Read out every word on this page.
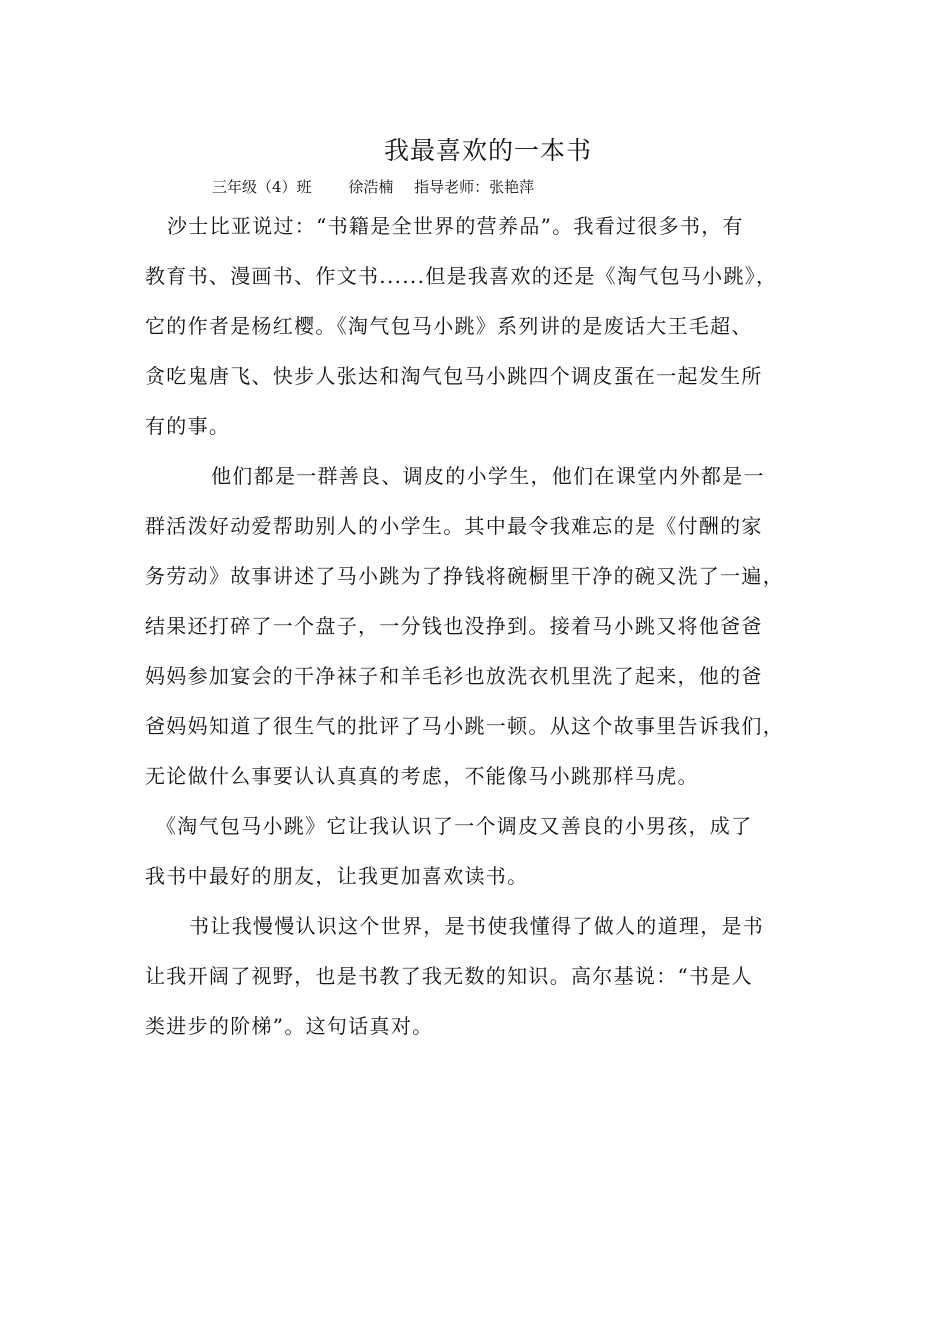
我最喜欢的一本书
三年级（4）班 徐浩楠 指导老师：张艳萍
沙士比亚说过：“书籍是全世界的营养品”。我看过很多书，有
教育书、漫画书、作文书......但是我喜欢的还是《淘气包马小跳》，
它的作者是杨红樱。《淘气包马小跳》系列讲的是废话大王毛超、
贪吃鬼唐飞、快步人张达和淘气包马小跳四个调皮蛋在一起发生所
有的事。
他们都是一群善良、调皮的小学生，他们在课堂内外都是一
群活泼好动爱帮助别人的小学生。其中最令我难忘的是《付酬的家
务劳动》故事讲述了马小跳为了挣钱将碗橱里干净的碗又洗了一遍，
结果还打碎了一个盘子，一分钱也没挣到。接着马小跳又将他爸爸
妈妈参加宴会的干净袜子和羊毛衫也放洗衣机里洗了起来，他的爸
爸妈妈知道了很生气的批评了马小跳一顿。从这个故事里告诉我们，
无论做什么事要认认真真的考虑，不能像马小跳那样马虎。
《淘气包马小跳》它让我认识了一个调皮又善良的小男孩，成了
我书中最好的朋友，让我更加喜欢读书。
书让我慢慢认识这个世界，是书使我懂得了做人的道理，是书
让我开阔了视野，也是书教了我无数的知识。高尔基说：“书是人
类进步的阶梯”。这句话真对。
